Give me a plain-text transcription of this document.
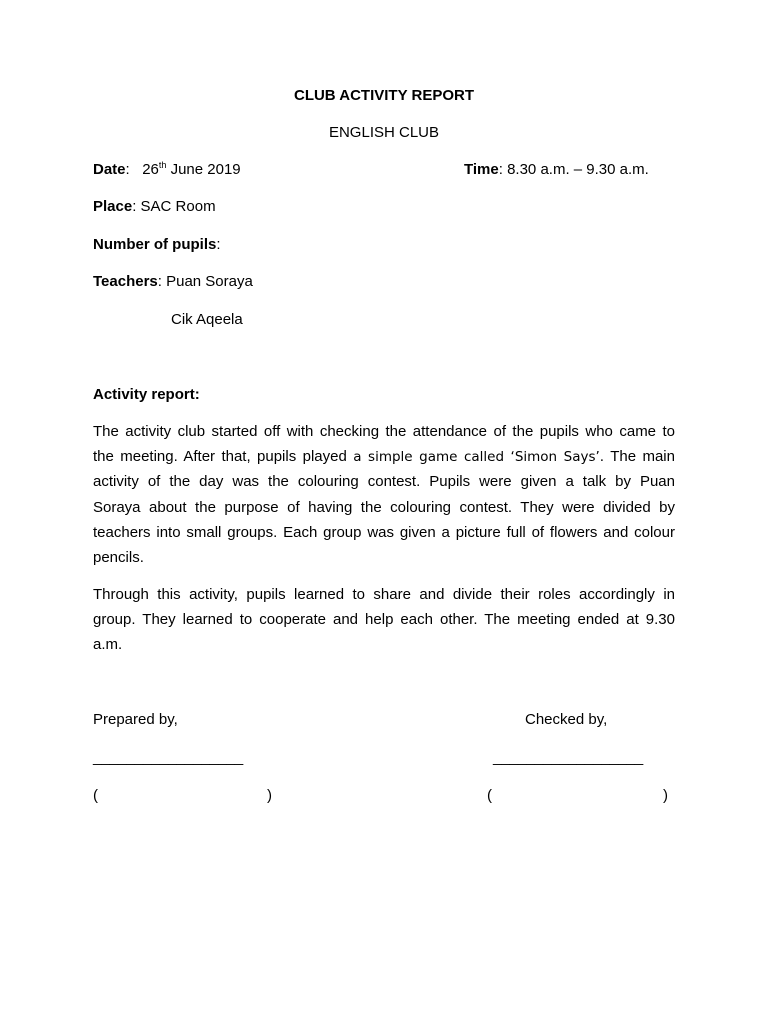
CLUB ACTIVITY REPORT
ENGLISH CLUB
Date:   26th June 2019	Time: 8.30 a.m. – 9.30 a.m.
Place: SAC Room
Number of pupils:
Teachers: Puan Soraya
Cik Aqeela
Activity report:
The activity club started off with checking the attendance of the pupils who came to
the meeting. After that, pupils played a simple game called ‘Simon Says’. The main
activity of the day was the colouring contest. Pupils were given a talk by Puan
Soraya about the purpose of having the colouring contest. They were divided by
teachers into small groups. Each group was given a picture full of flowers and colour
pencils.
Through this activity, pupils learned to share and divide their roles accordingly in
group. They learned to cooperate and help each other. The meeting ended at 9.30
a.m.
Prepared by,	Checked by,
__________________	__________________
(	)	(	)
